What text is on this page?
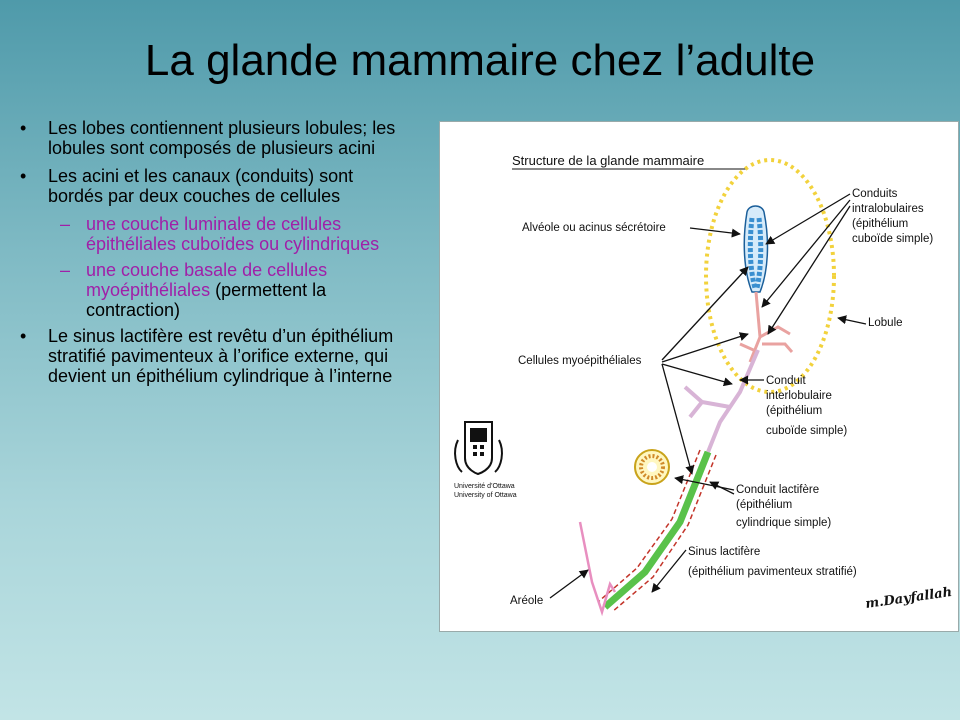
La glande mammaire chez l’adulte
• Les lobes contiennent plusieurs lobules; les lobules sont composés de plusieurs acini
• Les acini et les canaux (conduits) sont bordés par deux couches de cellules
– une couche luminale de cellules épithéliales cuboïdes ou cylindriques
– une couche basale de cellules myoépithéliales (permettent la contraction)
• Le sinus lactifère est revêtu d’un épithélium stratifié pavimenteux à l’orifice externe, qui devient un épithélium cylindrique à l’interne
Structure de la glande mammaire
Université d’Ottawa
University of Ottawa
Alvéole ou acinus sécrétoire
Conduits
intralobulaires
(épithélium
cuboïde simple)
Lobule
Cellules myoépithéliales
Conduit
interlobulaire
(épithélium
cuboïde simple)
Conduit lactifère
(épithélium
cylindrique simple)
Sinus lactifère
(épithélium pavimenteux stratifié)
Aréole	m.Dayfallah
